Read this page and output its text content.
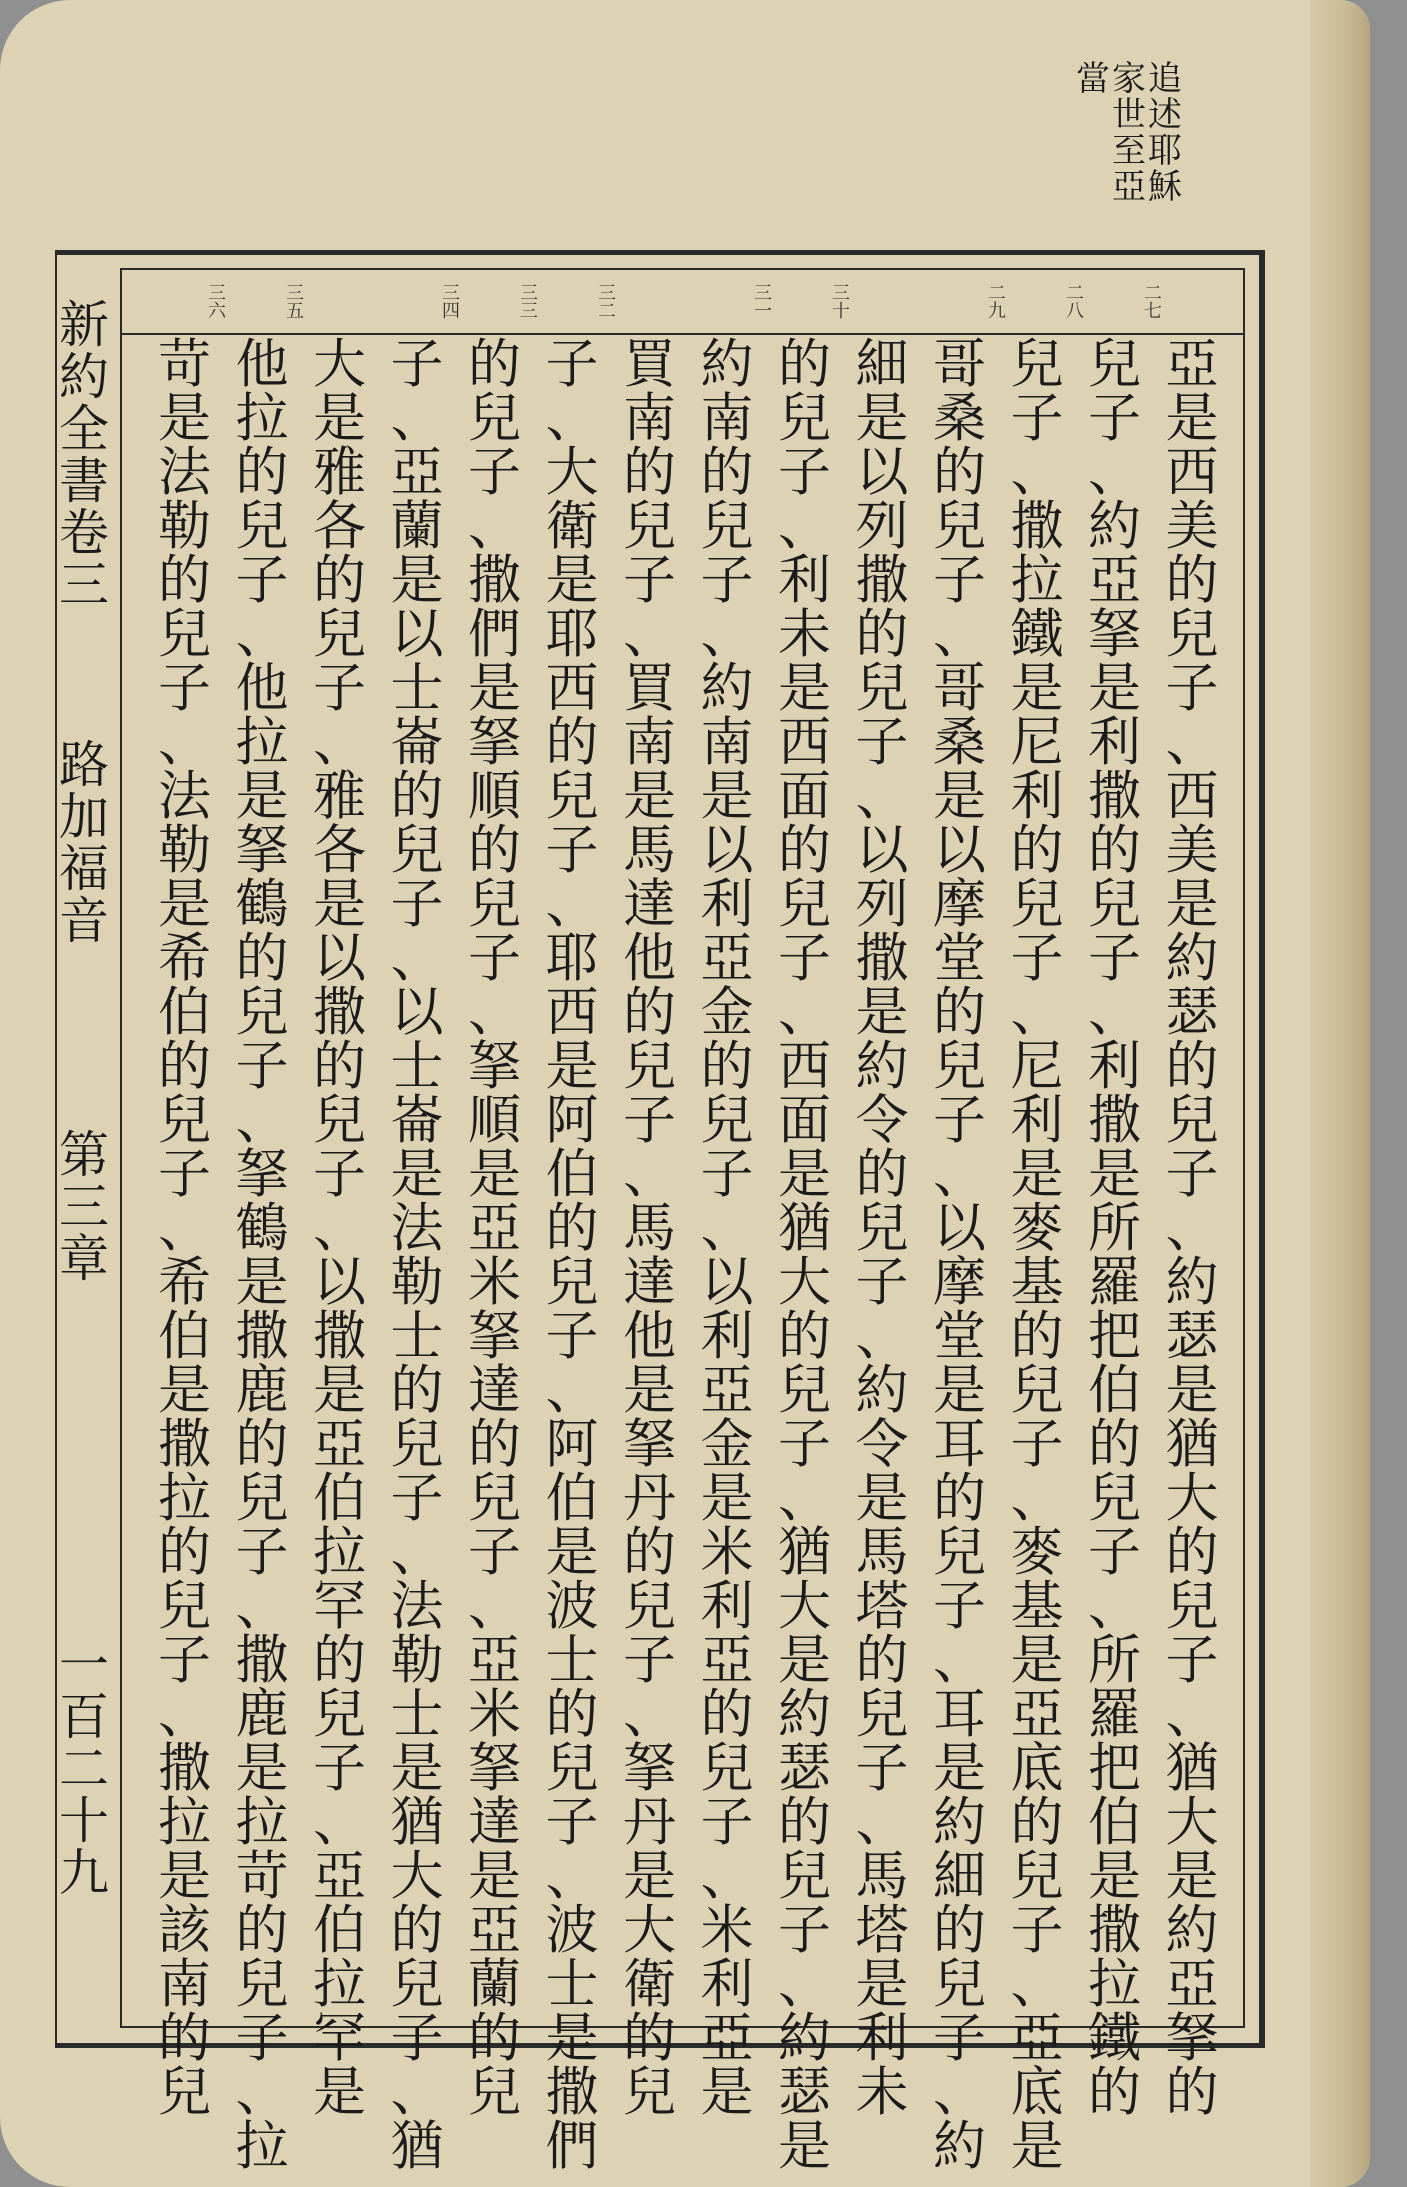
追
述
耶
穌
家
世
至
亞
當
新
約
全
書
卷
三
路
加
福
音
第
三
章
一
百
二
十
九
二七
二八
二九
三十
三一
三二
三三
三四
三五
三六
亞
是
西
美
的
兒
子
、
西
美
是
約
瑟
的
兒
子
、
約
瑟
是
猶
大
的
兒
子
、
猶
大
是
約
亞
拏
的
兒
子
、
約
亞
拏
是
利
撒
的
兒
子
、
利
撒
是
所
羅
把
伯
的
兒
子
、
所
羅
把
伯
是
撒
拉
鐵
的
兒
子
、
撒
拉
鐵
是
尼
利
的
兒
子
、
尼
利
是
麥
基
的
兒
子
、
麥
基
是
亞
底
的
兒
子
、
亞
底
是
哥
桑
的
兒
子
、
哥
桑
是
以
摩
堂
的
兒
子
、
以
摩
堂
是
耳
的
兒
子
、
耳
是
約
細
的
兒
子
、
約
細
是
以
列
撒
的
兒
子
、
以
列
撒
是
約
令
的
兒
子
、
約
令
是
馬
塔
的
兒
子
、
馬
塔
是
利
未
的
兒
子
、
利
未
是
西
面
的
兒
子
、
西
面
是
猶
大
的
兒
子
、
猶
大
是
約
瑟
的
兒
子
、
約
瑟
是
約
南
的
兒
子
、
約
南
是
以
利
亞
金
的
兒
子
、
以
利
亞
金
是
米
利
亞
的
兒
子
、
米
利
亞
是
買
南
的
兒
子
、
買
南
是
馬
達
他
的
兒
子
、
馬
達
他
是
拏
丹
的
兒
子
、
拏
丹
是
大
衛
的
兒
子
、
大
衛
是
耶
西
的
兒
子
、
耶
西
是
阿
伯
的
兒
子
、
阿
伯
是
波
士
的
兒
子
、
波
士
是
撒
們
的
兒
子
、
撒
們
是
拏
順
的
兒
子
、
拏
順
是
亞
米
拏
達
的
兒
子
、
亞
米
拏
達
是
亞
蘭
的
兒
子
、
亞
蘭
是
以
士
崙
的
兒
子
、
以
士
崙
是
法
勒
士
的
兒
子
、
法
勒
士
是
猶
大
的
兒
子
、
猶
大
是
雅
各
的
兒
子
、
雅
各
是
以
撒
的
兒
子
、
以
撒
是
亞
伯
拉
罕
的
兒
子
、
亞
伯
拉
罕
是
他
拉
的
兒
子
、
他
拉
是
拏
鶴
的
兒
子
、
拏
鶴
是
撒
鹿
的
兒
子
、
撒
鹿
是
拉
苛
的
兒
子
、
拉
苛
是
法
勒
的
兒
子
、
法
勒
是
希
伯
的
兒
子
、
希
伯
是
撒
拉
的
兒
子
、
撒
拉
是
該
南
的
兒
